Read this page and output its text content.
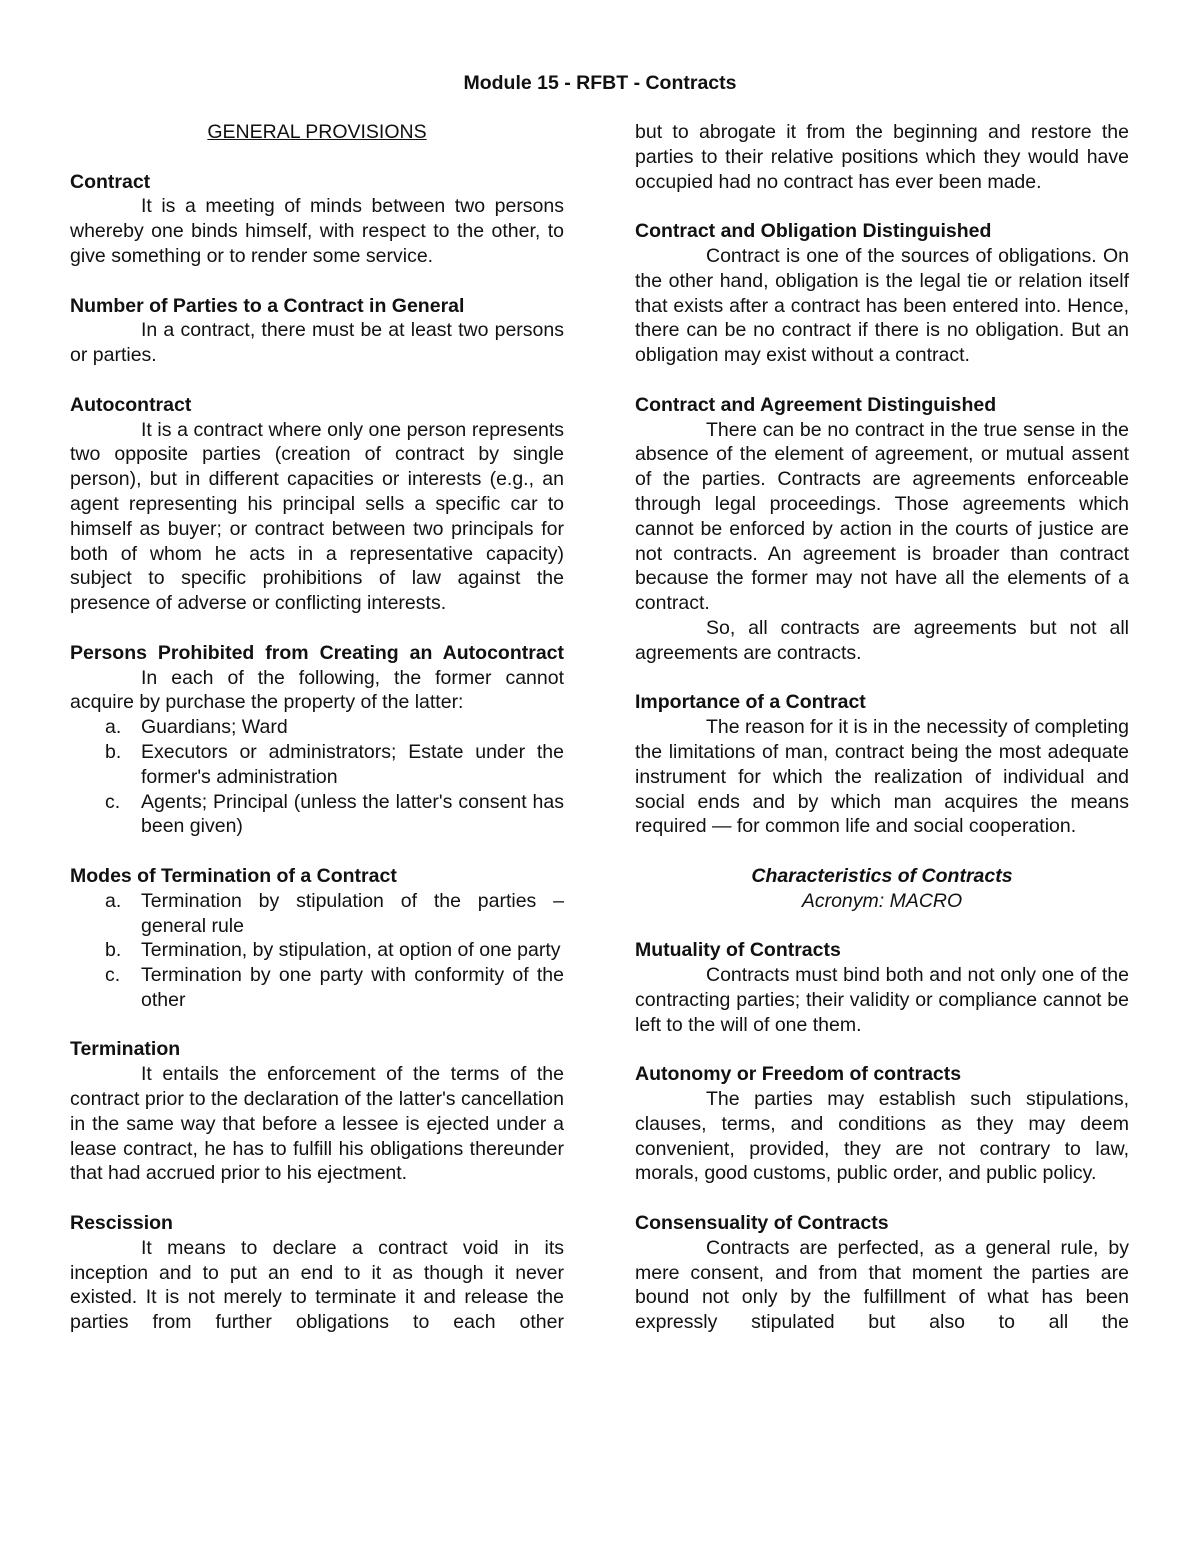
Module 15 - RFBT - Contracts

GENERAL PROVISIONS

Contract

It is a meeting of minds between two persons whereby one binds himself, with respect to the other, to give something or to render some service.

Number of Parties to a Contract in General

In a contract, there must be at least two persons or parties.

Autocontract

It is a contract where only one person represents two opposite parties (creation of contract by single person), but in different capacities or interests (e.g., an agent representing his principal sells a specific car to himself as buyer; or contract between two principals for both of whom he acts in a representative capacity) subject to specific prohibitions of law against the presence of adverse or conflicting interests.

Persons Prohibited from Creating an Autocontract

In each of the following, the former cannot acquire by purchase the property of the latter:

a. Guardians; Ward
b. Executors or administrators; Estate under the former's administration
c. Agents; Principal (unless the latter's consent has been given)

Modes of Termination of a Contract

a. Termination by stipulation of the parties – general rule
b. Termination, by stipulation, at option of one party
c. Termination by one party with conformity of the other

Termination

It entails the enforcement of the terms of the contract prior to the declaration of the latter's cancellation in the same way that before a lessee is ejected under a lease contract, he has to fulfill his obligations thereunder that had accrued prior to his ejectment.

Rescission

It means to declare a contract void in its inception and to put an end to it as though it never existed. It is not merely to terminate it and release the parties from further obligations to each other

but to abrogate it from the beginning and restore the parties to their relative positions which they would have occupied had no contract has ever been made.

Contract and Obligation Distinguished

Contract is one of the sources of obligations. On the other hand, obligation is the legal tie or relation itself that exists after a contract has been entered into. Hence, there can be no contract if there is no obligation. But an obligation may exist without a contract.

Contract and Agreement Distinguished

There can be no contract in the true sense in the absence of the element of agreement, or mutual assent of the parties. Contracts are agreements enforceable through legal proceedings. Those agreements which cannot be enforced by action in the courts of justice are not contracts. An agreement is broader than contract because the former may not have all the elements of a contract.

So, all contracts are agreements but not all agreements are contracts.

Importance of a Contract

The reason for it is in the necessity of completing the limitations of man, contract being the most adequate instrument for which the realization of individual and social ends and by which man acquires the means required — for common life and social cooperation.

Characteristics of Contracts

Acronym: MACRO

Mutuality of Contracts

Contracts must bind both and not only one of the contracting parties; their validity or compliance cannot be left to the will of one them.

Autonomy or Freedom of contracts

The parties may establish such stipulations, clauses, terms, and conditions as they may deem convenient, provided, they are not contrary to law, morals, good customs, public order, and public policy.

Consensuality of Contracts

Contracts are perfected, as a general rule, by mere consent, and from that moment the parties are bound not only by the fulfillment of what has been expressly stipulated but also to all the
